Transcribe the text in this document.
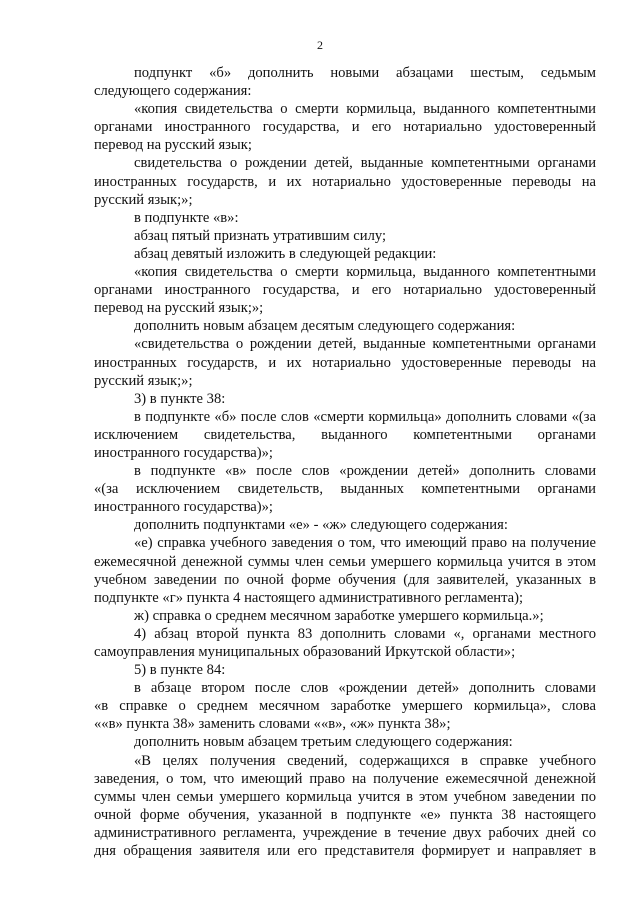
2
подпункт «б» дополнить новыми абзацами шестым, седьмым
следующего содержания:
«копия свидетельства о смерти кормильца, выданного компетентными
органами иностранного государства, и его нотариально удостоверенный
перевод на русский язык;
свидетельства о рождении детей, выданные компетентными органами
иностранных государств, и их нотариально удостоверенные переводы на
русский язык;»;
в подпункте «в»:
абзац пятый признать утратившим силу;
абзац девятый изложить в следующей редакции:
«копия свидетельства о смерти кормильца, выданного компетентными
органами иностранного государства, и его нотариально удостоверенный
перевод на русский язык;»;
дополнить новым абзацем десятым следующего содержания:
«свидетельства о рождении детей, выданные компетентными органами
иностранных государств, и их нотариально удостоверенные переводы на
русский язык;»;
3) в пункте 38:
в подпункте «б» после слов «смерти кормильца» дополнить словами «(за
исключением свидетельства, выданного компетентными органами
иностранного государства)»;
в подпункте «в» после слов «рождении детей» дополнить словами
«(за исключением свидетельств, выданных компетентными органами
иностранного государства)»;
дополнить подпунктами «е» - «ж» следующего содержания:
«е) справка учебного заведения о том, что имеющий право на получение
ежемесячной денежной суммы член семьи умершего кормильца учится в этом
учебном заведении по очной форме обучения (для заявителей, указанных в
подпункте «г» пункта 4 настоящего административного регламента);
ж) справка о среднем месячном заработке умершего кормильца.»;
4) абзац второй пункта 83 дополнить словами «, органами местного
самоуправления муниципальных образований Иркутской области»;
5) в пункте 84:
в абзаце втором после слов «рождении детей» дополнить словами
«в справке о среднем месячном заработке умершего кормильца», слова
««в» пункта 38» заменить словами ««в», «ж» пункта 38»;
дополнить новым абзацем третьим следующего содержания:
«В целях получения сведений, содержащихся в справке учебного
заведения, о том, что имеющий право на получение ежемесячной денежной
суммы член семьи умершего кормильца учится в этом учебном заведении по
очной форме обучения, указанной в подпункте «е» пункта 38 настоящего
административного регламента, учреждение в течение двух рабочих дней со
дня обращения заявителя или его представителя формирует и направляет в
